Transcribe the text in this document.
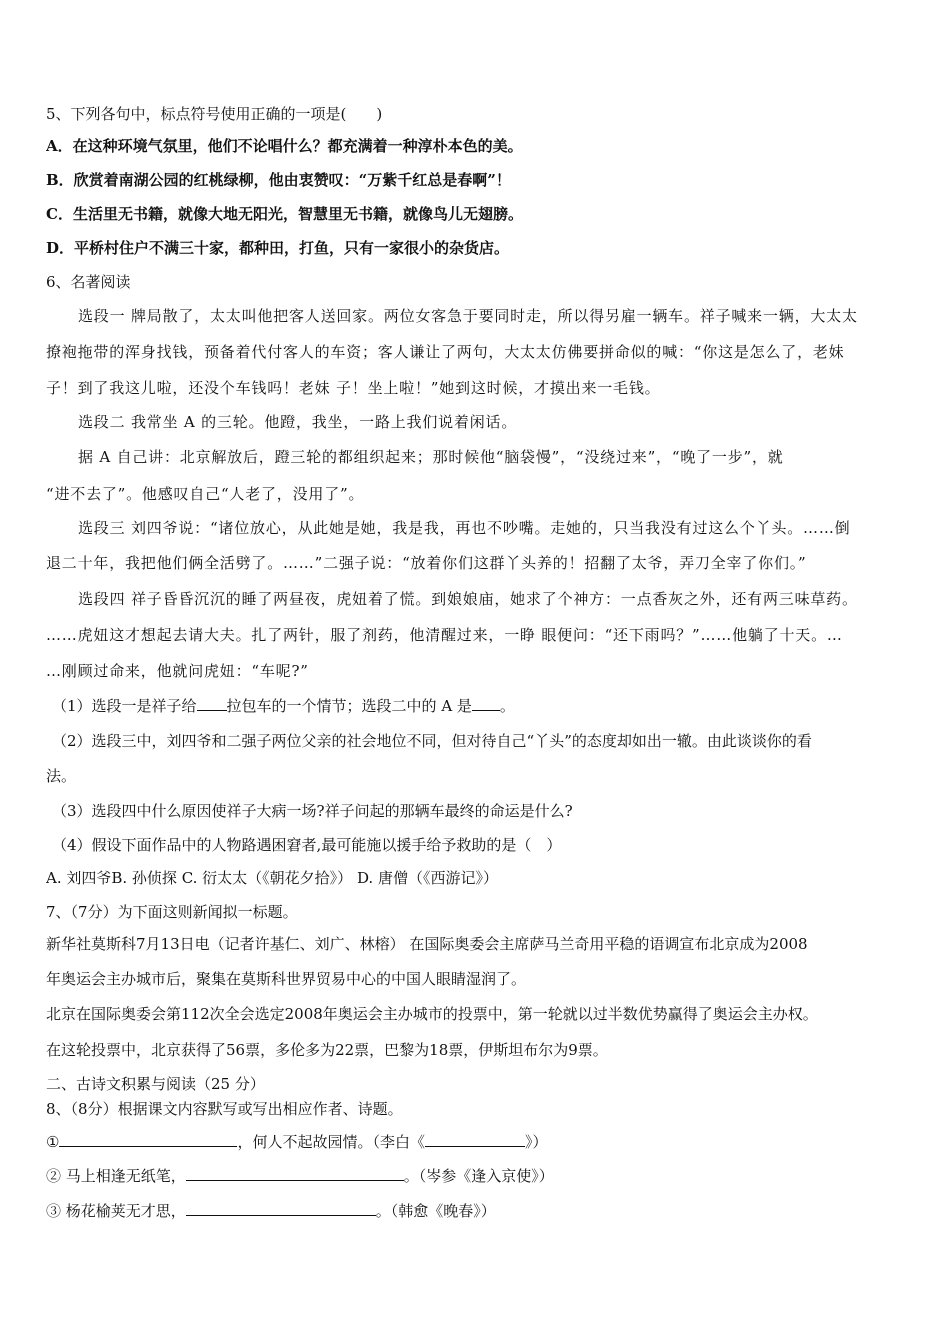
5、下列各句中，标点符号使用正确的一项是(　　)
A．在这种环境气氛里，他们不论唱什么？都充满着一种淳朴本色的美。
B．欣赏着南湖公园的红桃绿柳，他由衷赞叹：“万紫千红总是春啊”！
C．生活里无书籍，就像大地无阳光，智慧里无书籍，就像鸟儿无翅膀。
D．平桥村住户不满三十家，都种田，打鱼，只有一家很小的杂货店。
6、名著阅读
选段一 牌局散了，太太叫他把客人送回家。两位女客急于要同时走，所以得另雇一辆车。祥子喊来一辆，大太太
撩袍拖带的浑身找钱，预备着代付客人的车资；客人谦让了两句，大太太仿佛要拼命似的喊：“你这是怎么了，老妹
子！到了我这儿啦，还没个车钱吗！老妹 子！坐上啦！”她到这时候，才摸出来一毛钱。
选段二 我常坐 A 的三轮。他蹬，我坐，一路上我们说着闲话。
据 A 自己讲：北京解放后，蹬三轮的都组织起来；那时候他“脑袋慢”，“没绕过来”，“晚了一步”，就
“进不去了”。他感叹自己“人老了，没用了”。
选段三 刘四爷说：“诸位放心，从此她是她，我是我，再也不吵嘴。走她的，只当我没有过这么个丫头。……倒
退二十年，我把他们俩全活劈了。……”二强子说：“放着你们这群丫头养的！招翻了太爷，弄刀全宰了你们。”
选段四 祥子昏昏沉沉的睡了两昼夜，虎妞着了慌。到娘娘庙，她求了个神方：一点香灰之外，还有两三味草药。
……虎妞这才想起去请大夫。扎了两针，服了剂药，他清醒过来，一睁 眼便问：“还下雨吗？”……他躺了十天。…
…刚顾过命来，他就问虎妞：“车呢?”
（1）选段一是祥子给 拉包车的一个情节；选段二中的 A 是 。
（2）选段三中，刘四爷和二强子两位父亲的社会地位不同，但对待自己“丫头”的态度却如出一辙。由此谈谈你的看
法。
（3）选段四中什么原因使祥子大病一场?祥子问起的那辆车最终的命运是什么?
（4）假设下面作品中的人物路遇困窘者,最可能施以援手给予救助的是（　）
A. 刘四爷B. 孙侦探 C. 衍太太（《朝花夕拾》） D. 唐僧（《西游记》）
7、（7分）为下面这则新闻拟一标题。
新华社莫斯科7月13日电（记者许基仁、刘广、林榕） 在国际奥委会主席萨马兰奇用平稳的语调宣布北京成为2008
年奥运会主办城市后，聚集在莫斯科世界贸易中心的中国人眼睛湿润了。
北京在国际奥委会第112次全会选定2008年奥运会主办城市的投票中，第一轮就以过半数优势赢得了奥运会主办权。
在这轮投票中，北京获得了56票，多伦多为22票，巴黎为18票，伊斯坦布尔为9票。
二、古诗文积累与阅读（25 分）
8、（8分）根据课文内容默写或写出相应作者、诗题。
①	，何人不起故园情。（李白《	》）
② 马上相逢无纸笔，	。（岑参《逢入京使》）
③ 杨花榆荚无才思，	。（韩愈《晚春》）
